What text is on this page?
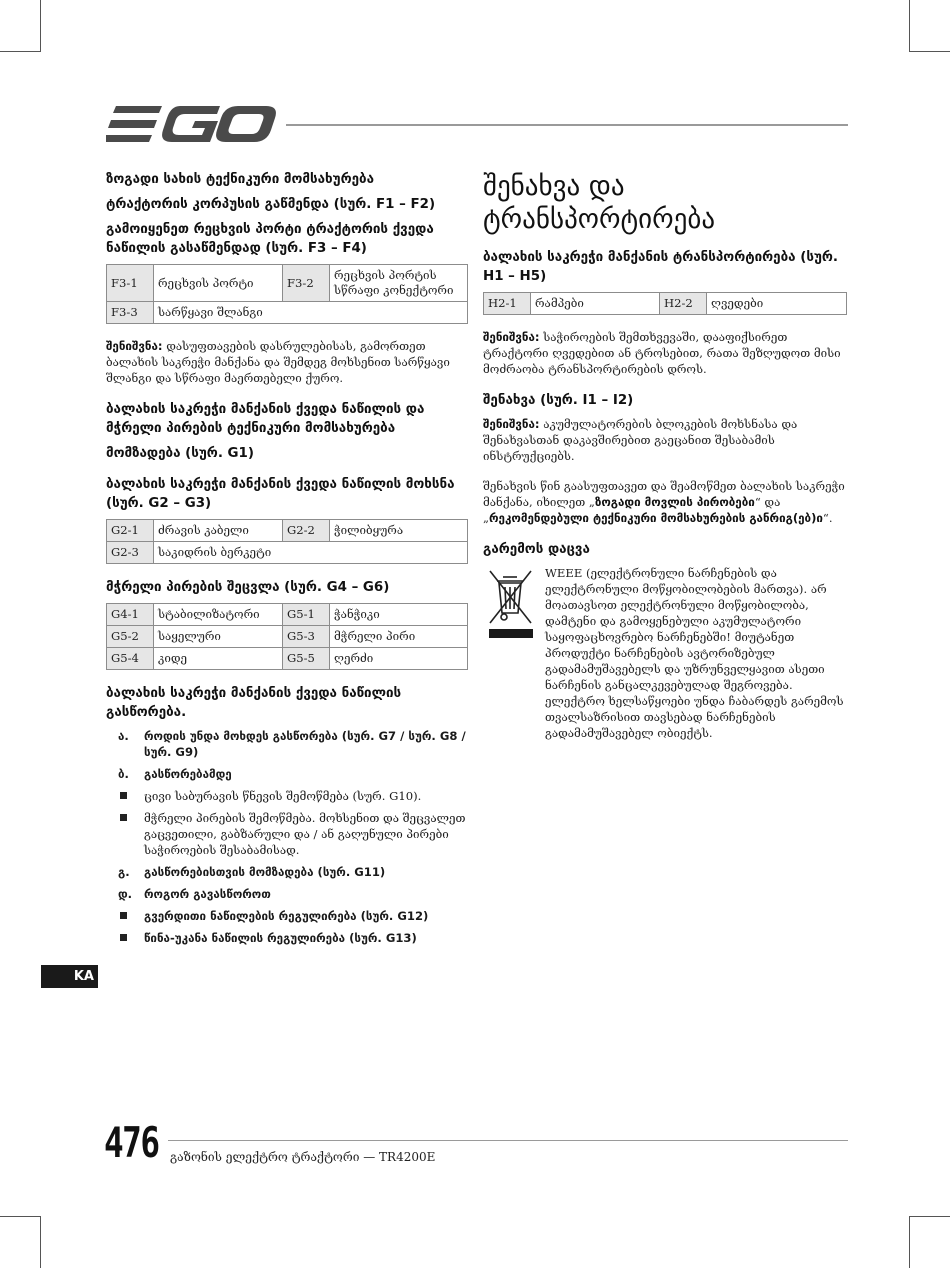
ზოგადი სახის ტექნიკური მომსახურება
ტრაქტორის კორპუსის გაწმენდა (სურ. F1 – F2)
გამოიყენეთ რეცხვის პორტი ტრაქტორის ქვედა ნაწილის გასაწმენდად (სურ. F3 – F4)
F3-1	რეცხვის პორტი	F3-2	რეცხვის პორტის სწრაფი კონექტორი
F3-3	სარწყავი შლანგი		

შენიშვნა: დასუფთავების დასრულებისას, გამორთეთ ბალახის საკრეჭი მანქანა და შემდეგ მოხსენით სარწყავი შლანგი და სწრაფი მაერთებელი ქურო.

ბალახის საკრეჭი მანქანის ქვედა ნაწილის და მჭრელი პირების ტექნიკური მომსახურება
მომზადება (სურ. G1)
ბალახის საკრეჭი მანქანის ქვედა ნაწილის მოხსნა (სურ. G2 – G3)
G2-1	ძრავის კაბელი	G2-2	ჭილიბყურა
G2-3	საკიდრის ბერკეტი		
მჭრელი პირების შეცვლა (სურ. G4 – G6)
G4-1	სტაბილიზატორი	G5-1	ჭანჭიკი
G5-2	საყელური	G5-3	მჭრელი პირი
G5-4	კიდე	G5-5	ღერძი
ბალახის საკრეჭი მანქანის ქვედა ნაწილის გასწორება.
ა. როდის უნდა მოხდეს გასწორება (სურ. G7 / სურ. G8 / სურ. G9)
ბ. გასწორებამდე
ცივი საბურავის წნევის შემოწმება (სურ. G10).
მჭრელი პირების შემოწმება. მოხსენით და შეცვალეთ გაცვეთილი, გაბზარული და / ან გაღუნული პირები საჭიროების შესაბამისად.
გ. გასწორებისთვის მომზადება (სურ. G11)
დ. როგორ გავასწოროთ
გვერდითი ნაწილების რეგულირება (სურ. G12)
წინა-უკანა ნაწილის რეგულირება (სურ. G13)
შენახვა და ტრანსპორტირება
ბალახის საკრეჭი მანქანის ტრანსპორტირება (სურ. H1 – H5)
H2-1	რამპები	H2-2	ღვედები

შენიშვნა: საჭიროების შემთხვევაში, დააფიქსირეთ ტრაქტორი ღვედებით ან ტროსებით, რათა შეზღუდოთ მისი მოძრაობა ტრანსპორტირების დროს.

შენახვა (სურ. I1 – I2)

შენიშვნა: აკუმულატორების ბლოკების მოხსნასა და შენახვასთან დაკავშირებით გაეცანით შესაბამის ინსტრუქციებს.

შენახვის წინ გაასუფთავეთ და შეამოწმეთ ბალახის საკრეჭი მანქანა, იხილეთ „ზოგადი მოვლის პირობები“ და „რეკომენდებული ტექნიკური მომსახურების განრიგ(ებ)ი“.

გარემოს დაცვა
WEEE (ელექტრონული ნარჩენების და ელექტრონული მოწყობილობების მართვა). არ მოათავსოთ ელექტრონული მოწყობილობა, დამტენი და გამოყენებული აკუმულატორი საყოფაცხოვრებო ნარჩენებში! მიუტანეთ პროდუქტი ნარჩენების ავტორიზებულ გადამამუშავებელს და უზრუნველყავით ასეთი ნარჩენის განცალკევებულად შეგროვება. ელექტრო ხელსაწყოები უნდა ჩაბარდეს გარემოს თვალსაზრისით თავსებად ნარჩენების გადამამუშავებელ ობიექტს.
KA
476 გაზონის ელექტრო ტრაქტორი — TR4200E
